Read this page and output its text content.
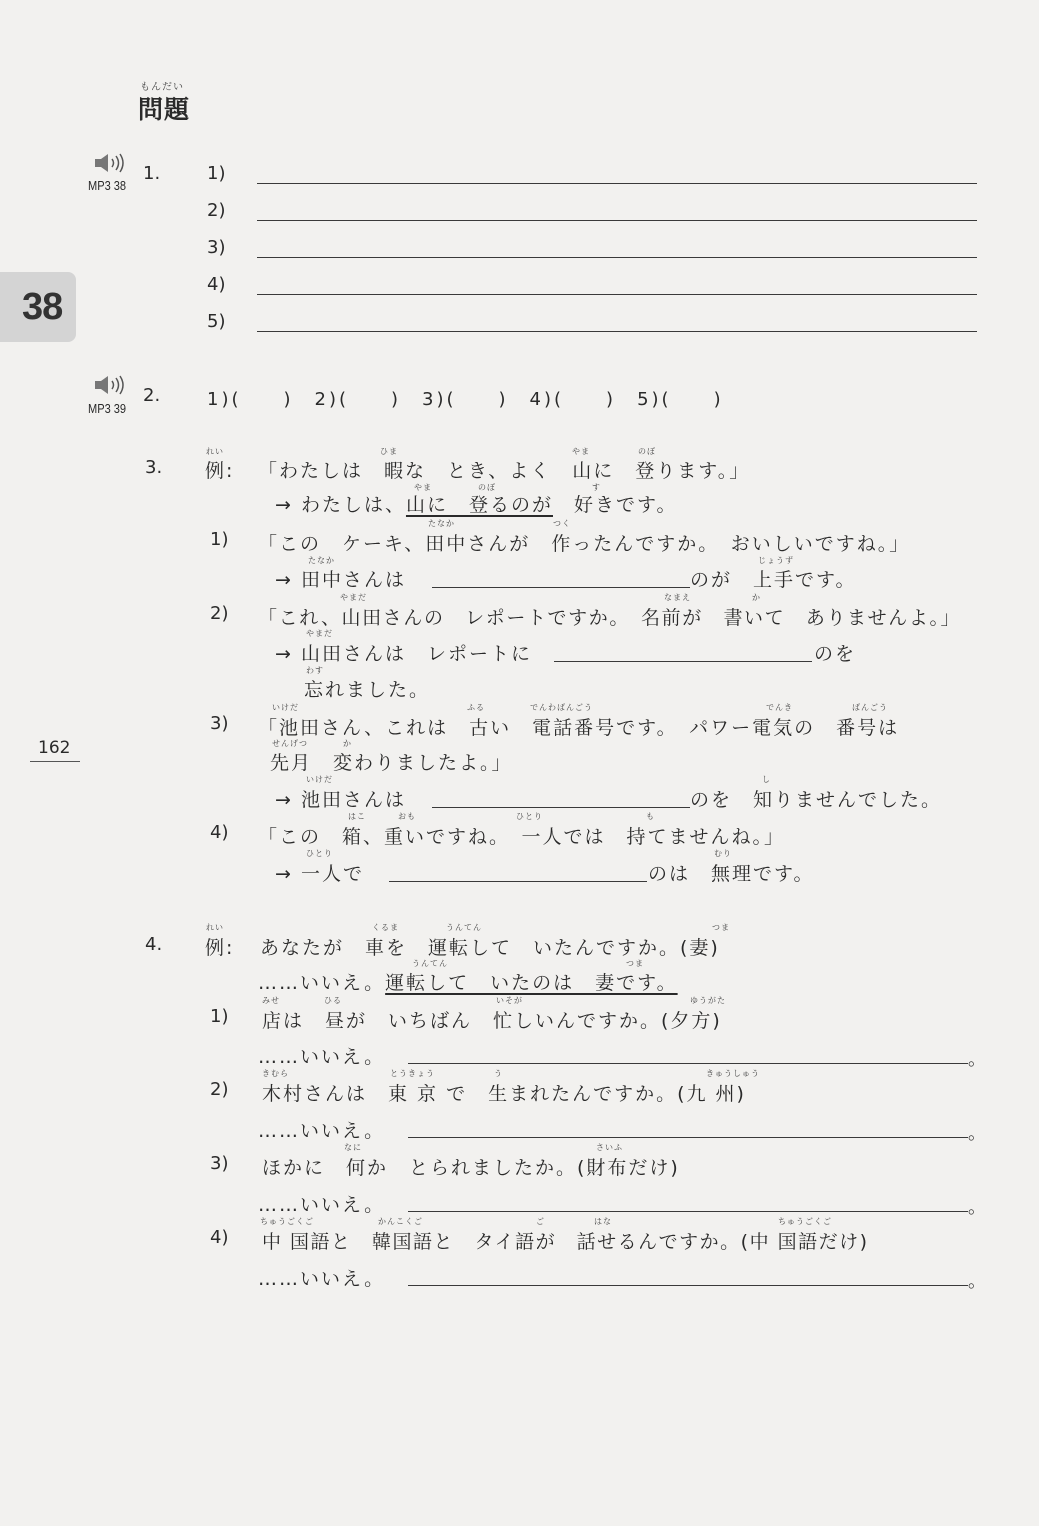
38
162
もんだい
問題
MP3 38
1.	1)
2)
3)
4)
5)
MP3 39
2.	1)(　　)　2)(　　)　3)(　　)　4)(　　)　5)(　　)
3.
れい
例:
ひま	やま	のぼ
「わたしは　暇な　とき、よく　山に　登ります。」
やま	のぼ	す
→ わたしは、山に　登るのが　好きです。
1)
たなか	つく
「この　ケーキ、田中さんが　作ったんですか。　おいしいですね。」
たなか	じょうず
→ 田中さんは	のが　上手です。
2)
やまだ	なまえ	か
「これ、山田さんの　レポートですか。　名前が　書いて　ありませんよ。」
やまだ
→ 山田さんは　レポートに	のを
わす
忘れました。
3)
いけだ	ふる	でんわばんごう	でんき	ばんごう
「池田さん、これは　古い　電話番号です。　パワー電気の　番号は
せんげつ	か
先月　変わりましたよ。」
いけだ	し
→ 池田さんは	のを　知りませんでした。
4)
はこ	おも	ひとり	も
「この　箱、重いですね。　一人では　持てませんね。」
ひとり	むり
→ 一人で	のは　無理です。
4.
れい
例:
くるま	うんてん	つま
あなたが　車を　運転して　いたんですか。(妻)
うんてん	つま
……いいえ。運転して　いたのは　妻です。
1)
みせ	ひる	いそが	ゆうがた
店は　昼が　いちばん　忙しいんですか。(夕方)
……いいえ。	。
2)
きむら	とうきょう	う	きゅうしゅう
木村さんは　東 京 で　生まれたんですか。(九 州)
……いいえ。	。
3)
なに	さいふ
ほかに　何か　とられましたか。(財布だけ)
……いいえ。	。
4)
ちゅうごくご	かんこくご	ご	はな	ちゅうごくご
中 国語と　韓国語と　タイ語が　話せるんですか。(中 国語だけ)
……いいえ。	。
